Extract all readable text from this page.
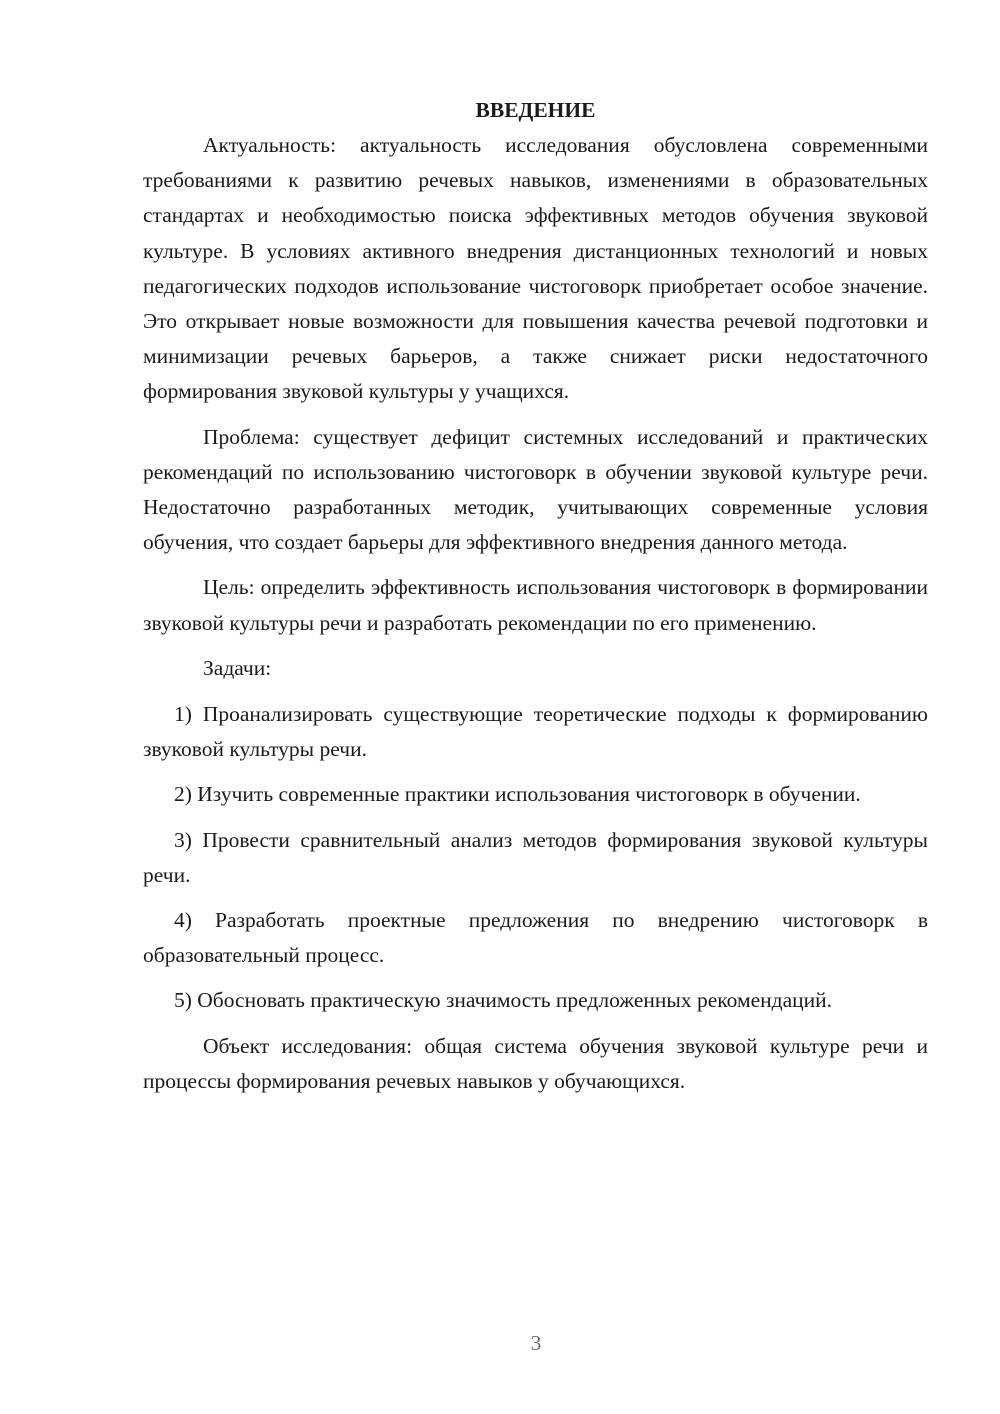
ВВЕДЕНИЕ

Актуальность: актуальность исследования обусловлена современными требованиями к развитию речевых навыков, изменениями в образовательных стандартах и необходимостью поиска эффективных методов обучения звуковой культуре. В условиях активного внедрения дистанционных технологий и новых педагогических подходов использование чистоговорк приобретает особое значение. Это открывает новые возможности для повышения качества речевой подготовки и минимизации речевых барьеров, а также снижает риски недостаточного формирования звуковой культуры у учащихся.

Проблема: существует дефицит системных исследований и практических рекомендаций по использованию чистоговорк в обучении звуковой культуре речи. Недостаточно разработанных методик, учитывающих современные условия обучения, что создает барьеры для эффективного внедрения данного метода.

Цель: определить эффективность использования чистоговорк в формировании звуковой культуры речи и разработать рекомендации по его применению.

Задачи:

1) Проанализировать существующие теоретические подходы к формированию звуковой культуры речи.

2) Изучить современные практики использования чистоговорк в обучении.

3) Провести сравнительный анализ методов формирования звуковой культуры речи.

4) Разработать проектные предложения по внедрению чистоговорк в образовательный процесс.

5) Обосновать практическую значимость предложенных рекомендаций.

Объект исследования: общая система обучения звуковой культуре речи и процессы формирования речевых навыков у обучающихся.

3
